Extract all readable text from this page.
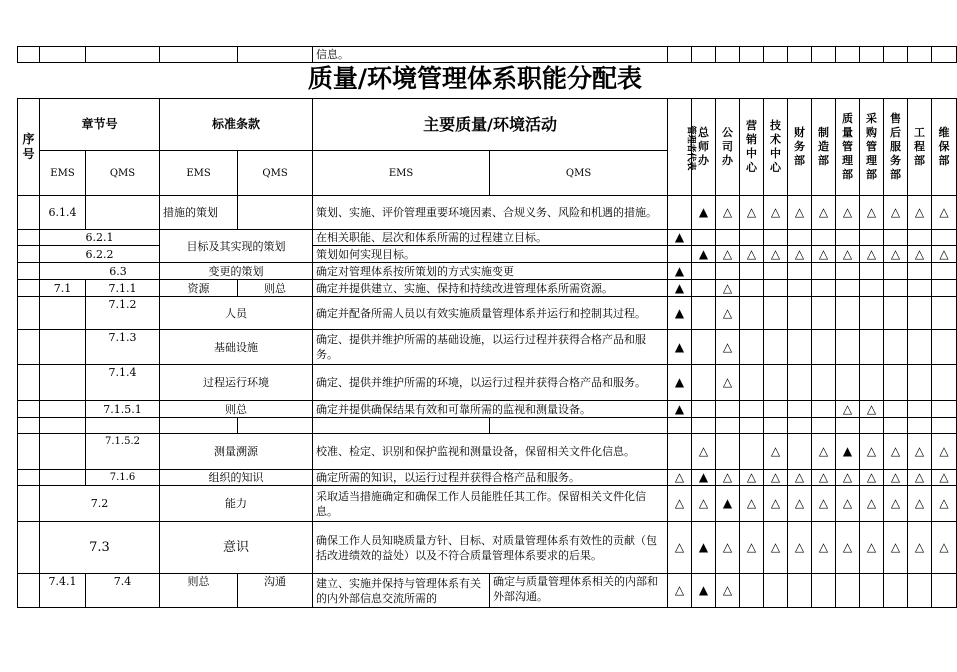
					信息。												
质量/环境管理体系职能分配表
序号	章节号		标准条款		主要质量/环境活动		管理者代表	总师办	公司办	营销中心	技术中心	财务部	制造部	质量管理部	采购管理部	售后服务部	工程部	维保部
	EMS	QMS	EMS	QMS	EMS	QMS												
	6.1.4		措施的策划		策划、实施、评价管理重要环境因素、合规义务、风险和机遇的措施。			▲	△	△	△	△	△	△	△	△	△	△
	6.2.1		目标及其实现的策划		在相关职能、层次和体系所需的过程建立目标。		▲											
	6.2.2				策划如何实现目标。			▲	△	△	△	△	△	△	△	△	△	△
	6.3		变更的策划		确定对管理体系按所策划的方式实施变更		▲											
	7.1	7.1.1	资源	则总	确定并提供建立、实施、保持和持续改进管理体系所需资源。		▲		△									
		7.1.2	人员		确定并配备所需人员以有效实施质量管理体系并运行和控制其过程。		▲		△									
		7.1.3	基础设施		确定、提供并维护所需的基础设施，以运行过程并获得合格产品和服务。		▲		△									
		7.1.4	过程运行环境		确定、提供并维护所需的环境，以运行过程并获得合格产品和服务。		▲		△									
		7.1.5.1	则总		确定并提供确保结果有效和可靠所需的监视和测量设备。		▲							△	△			

		7.1.5.2	测量溯源		校准、检定、识别和保护监视和测量设备，保留相关文件化信息。			△			△		△	▲	△	△	△	△
		7.1.6	组织的知识		确定所需的知识，以运行过程并获得合格产品和服务。		△	▲	△	△	△	△	△	△	△	△	△	△
	7.2		能力		采取适当措施确定和确保工作人员能胜任其工作。保留相关文件化信息。		△	△	▲	△	△	△	△	△	△	△	△	△
	7.3		意识		确保工作人员知晓质量方针、目标、对质量管理体系有效性的贡献（包括改进绩效的益处）以及不符合质量管理体系要求的后果。		△	▲	△	△	△	△	△	△	△	△	△	△
	7.4.1	7.4	则总	沟通	建立、实施并保持与管理体系有关的内外部信息交流所需的	确定与质量管理体系相关的内部和外部沟通。	△	▲	△									
